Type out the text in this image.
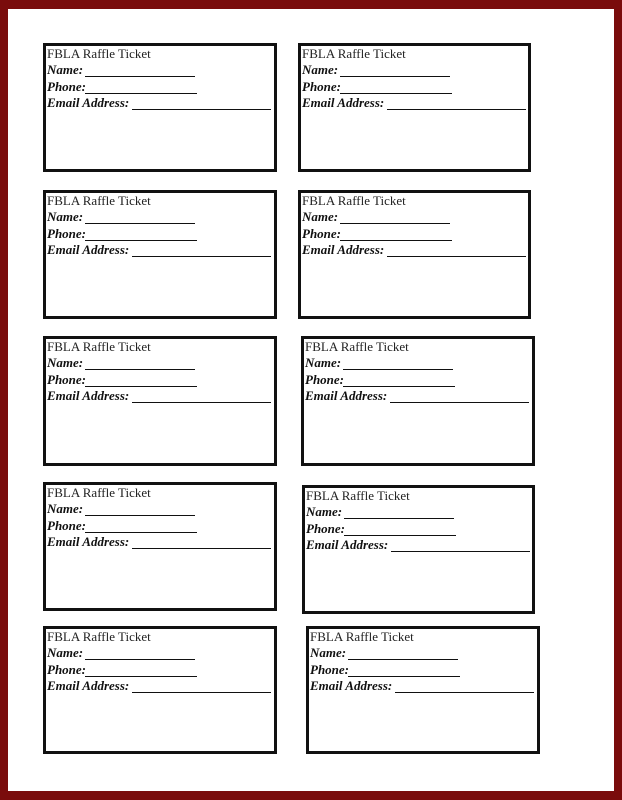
FBLA Raffle Ticket
Name:
Phone:
Email Address:
FBLA Raffle Ticket
Name:
Phone:
Email Address:
FBLA Raffle Ticket
Name:
Phone:
Email Address:
FBLA Raffle Ticket
Name:
Phone:
Email Address:
FBLA Raffle Ticket
Name:
Phone:
Email Address:
FBLA Raffle Ticket
Name:
Phone:
Email Address:
FBLA Raffle Ticket
Name:
Phone:
Email Address:
FBLA Raffle Ticket
Name:
Phone:
Email Address:
FBLA Raffle Ticket
Name:
Phone:
Email Address:
FBLA Raffle Ticket
Name:
Phone:
Email Address:
